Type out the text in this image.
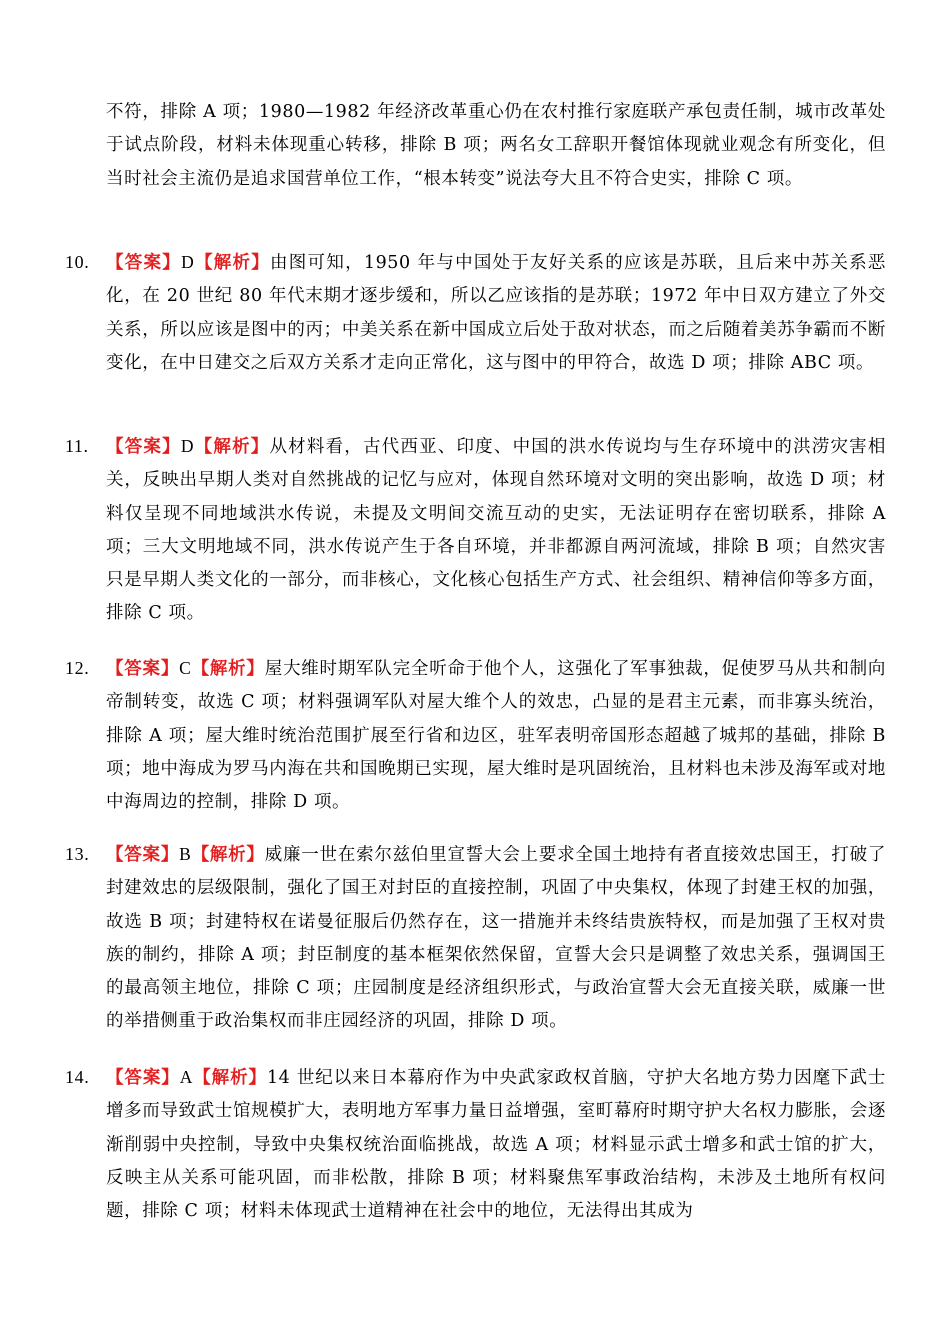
不符，排除 A 项；1980—1982 年经济改革重心仍在农村推行家庭联产承包责任制，城市改革处于试点阶段，材料未体现重心转移，排除 B 项；两名女工辞职开餐馆体现就业观念有所变化，但当时社会主流仍是追求国营单位工作，“根本转变”说法夸大且不符合史实，排除 C 项。
10. 【答案】D【解析】由图可知，1950 年与中国处于友好关系的应该是苏联，且后来中苏关系恶化，在 20 世纪 80 年代末期才逐步缓和，所以乙应该指的是苏联；1972 年中日双方建立了外交关系，所以应该是图中的丙；中美关系在新中国成立后处于敌对状态，而之后随着美苏争霸而不断变化，在中日建交之后双方关系才走向正常化，这与图中的甲符合，故选 D 项；排除 ABC 项。
11. 【答案】D【解析】从材料看，古代西亚、印度、中国的洪水传说均与生存环境中的洪涝灾害相关，反映出早期人类对自然挑战的记忆与应对，体现自然环境对文明的突出影响，故选 D 项；材料仅呈现不同地域洪水传说，未提及文明间交流互动的史实，无法证明存在密切联系，排除 A 项；三大文明地域不同，洪水传说产生于各自环境，并非都源自两河流域，排除 B 项；自然灾害只是早期人类文化的一部分，而非核心，文化核心包括生产方式、社会组织、精神信仰等多方面，排除 C 项。
12. 【答案】C【解析】屋大维时期军队完全听命于他个人，这强化了军事独裁，促使罗马从共和制向帝制转变，故选 C 项；材料强调军队对屋大维个人的效忠，凸显的是君主元素，而非寡头统治，排除 A 项；屋大维时统治范围扩展至行省和边区，驻军表明帝国形态超越了城邦的基础，排除 B 项；地中海成为罗马内海在共和国晚期已实现，屋大维时是巩固统治，且材料也未涉及海军或对地中海周边的控制，排除 D 项。
13. 【答案】B【解析】威廉一世在索尔兹伯里宣誓大会上要求全国土地持有者直接效忠国王，打破了封建效忠的层级限制，强化了国王对封臣的直接控制，巩固了中央集权，体现了封建王权的加强，故选 B 项；封建特权在诺曼征服后仍然存在，这一措施并未终结贵族特权，而是加强了王权对贵族的制约，排除 A 项；封臣制度的基本框架依然保留，宣誓大会只是调整了效忠关系，强调国王的最高领主地位，排除 C 项；庄园制度是经济组织形式，与政治宣誓大会无直接关联，威廉一世的举措侧重于政治集权而非庄园经济的巩固，排除 D 项。
14. 【答案】A【解析】14 世纪以来日本幕府作为中央武家政权首脑，守护大名地方势力因麾下武士增多而导致武士馆规模扩大，表明地方军事力量日益增强，室町幕府时期守护大名权力膨胀，会逐渐削弱中央控制，导致中央集权统治面临挑战，故选 A 项；材料显示武士增多和武士馆的扩大，反映主从关系可能巩固，而非松散，排除 B 项；材料聚焦军事政治结构，未涉及土地所有权问题，排除 C 项；材料未体现武士道精神在社会中的地位，无法得出其成为
